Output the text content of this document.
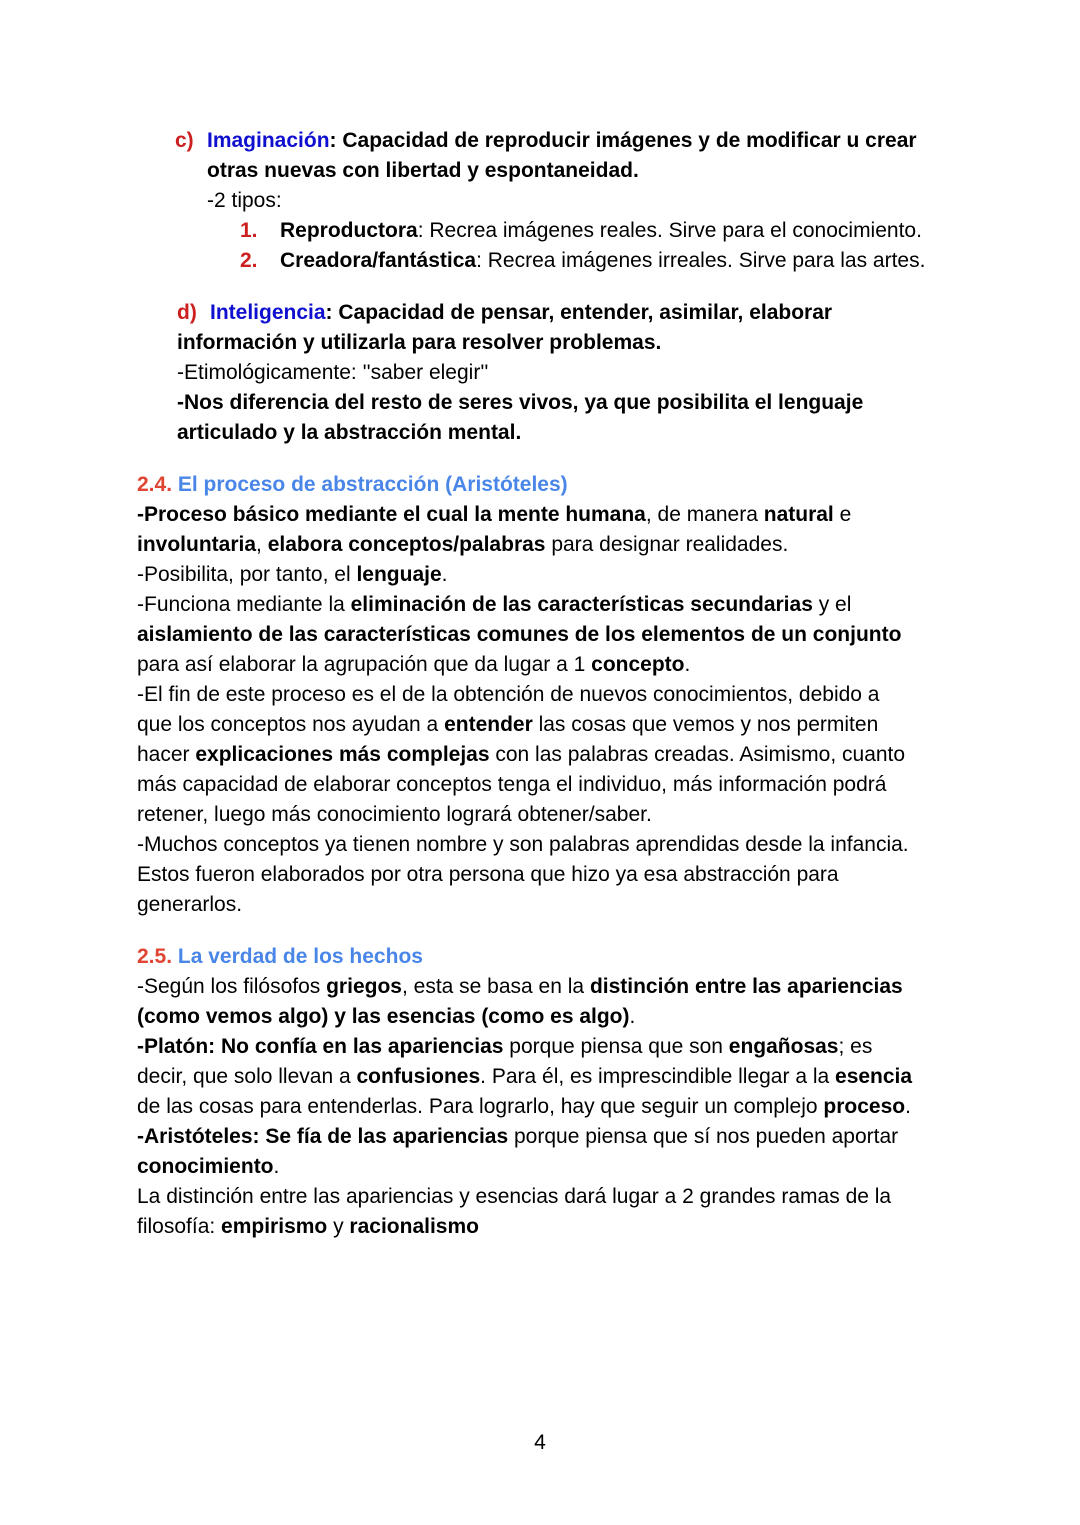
c) Imaginación: Capacidad de reproducir imágenes y de modificar u crear
otras nuevas con libertad y espontaneidad.
-2 tipos:
1. Reproductora: Recrea imágenes reales. Sirve para el conocimiento.
2. Creadora/fantástica: Recrea imágenes irreales. Sirve para las artes.
d) Inteligencia: Capacidad de pensar, entender, asimilar, elaborar
información y utilizarla para resolver problemas.
-Etimológicamente: ''saber elegir''
-Nos diferencia del resto de seres vivos, ya que posibilita el lenguaje
articulado y la abstracción mental.
2.4. El proceso de abstracción (Aristóteles)
-Proceso básico mediante el cual la mente humana, de manera natural e
involuntaria, elabora conceptos/palabras para designar realidades.
-Posibilita, por tanto, el lenguaje.
-Funciona mediante la eliminación de las características secundarias y el
aislamiento de las características comunes de los elementos de un conjunto
para así elaborar la agrupación que da lugar a 1 concepto.
-El fin de este proceso es el de la obtención de nuevos conocimientos, debido a
que los conceptos nos ayudan a entender las cosas que vemos y nos permiten
hacer explicaciones más complejas con las palabras creadas. Asimismo, cuanto
más capacidad de elaborar conceptos tenga el individuo, más información podrá
retener, luego más conocimiento logrará obtener/saber.
-Muchos conceptos ya tienen nombre y son palabras aprendidas desde la infancia.
Estos fueron elaborados por otra persona que hizo ya esa abstracción para
generarlos.
2.5. La verdad de los hechos
-Según los filósofos griegos, esta se basa en la distinción entre las apariencias
(como vemos algo) y las esencias (como es algo).
-Platón: No confía en las apariencias porque piensa que son engañosas; es
decir, que solo llevan a confusiones. Para él, es imprescindible llegar a la esencia
de las cosas para entenderlas. Para lograrlo, hay que seguir un complejo proceso.
-Aristóteles: Se fía de las apariencias porque piensa que sí nos pueden aportar
conocimiento.
La distinción entre las apariencias y esencias dará lugar a 2 grandes ramas de la
filosofía: empirismo y racionalismo
4
